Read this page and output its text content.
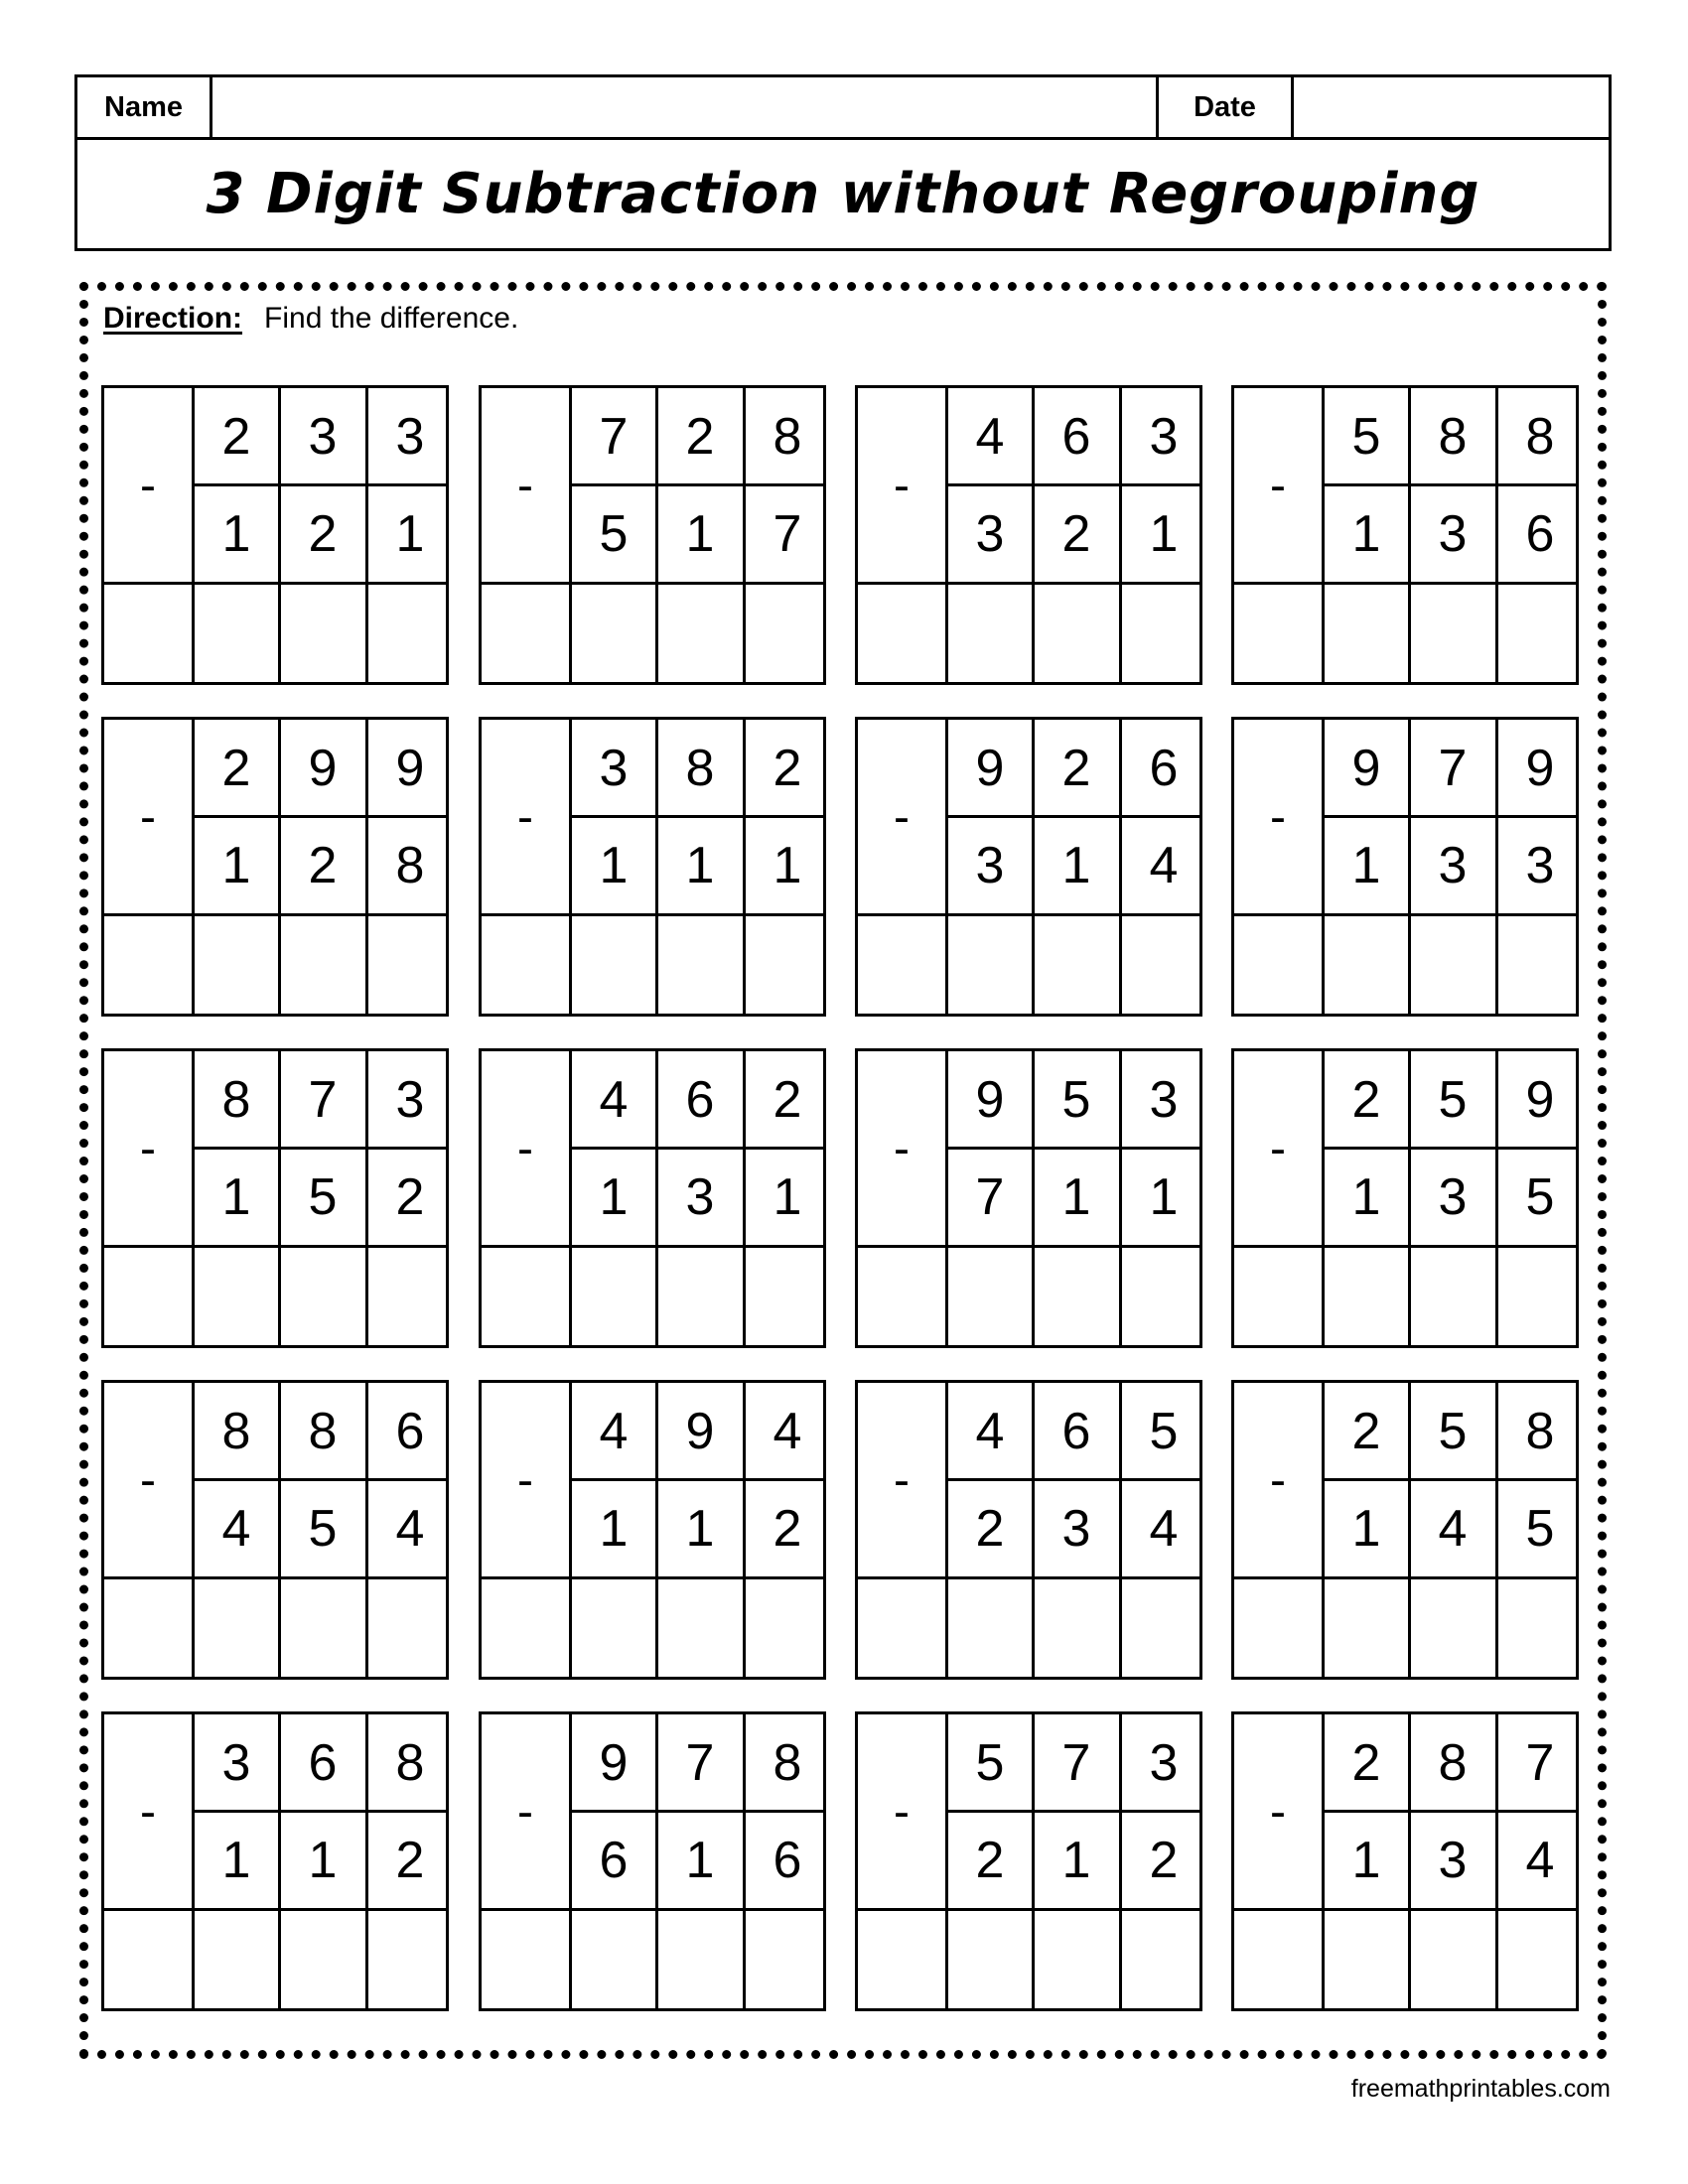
Name	Date
3 Digit Subtraction without Regrouping
Direction: Find the difference.
-
2	3	3
1	2	1
-
7	2	8
5	1	7
-
4	6	3
3	2	1
-
5	8	8
1	3	6
-
2	9	9
1	2	8
-
3	8	2
1	1	1
-
9	2	6
3	1	4
-
9	7	9
1	3	3
-
8	7	3
1	5	2
-
4	6	2
1	3	1
-
9	5	3
7	1	1
-
2	5	9
1	3	5
-
8	8	6
4	5	4
-
4	9	4
1	1	2
-
4	6	5
2	3	4
-
2	5	8
1	4	5
-
3	6	8
1	1	2
-
9	7	8
6	1	6
-
5	7	3
2	1	2
-
2	8	7
1	3	4
freemathprintables.com
